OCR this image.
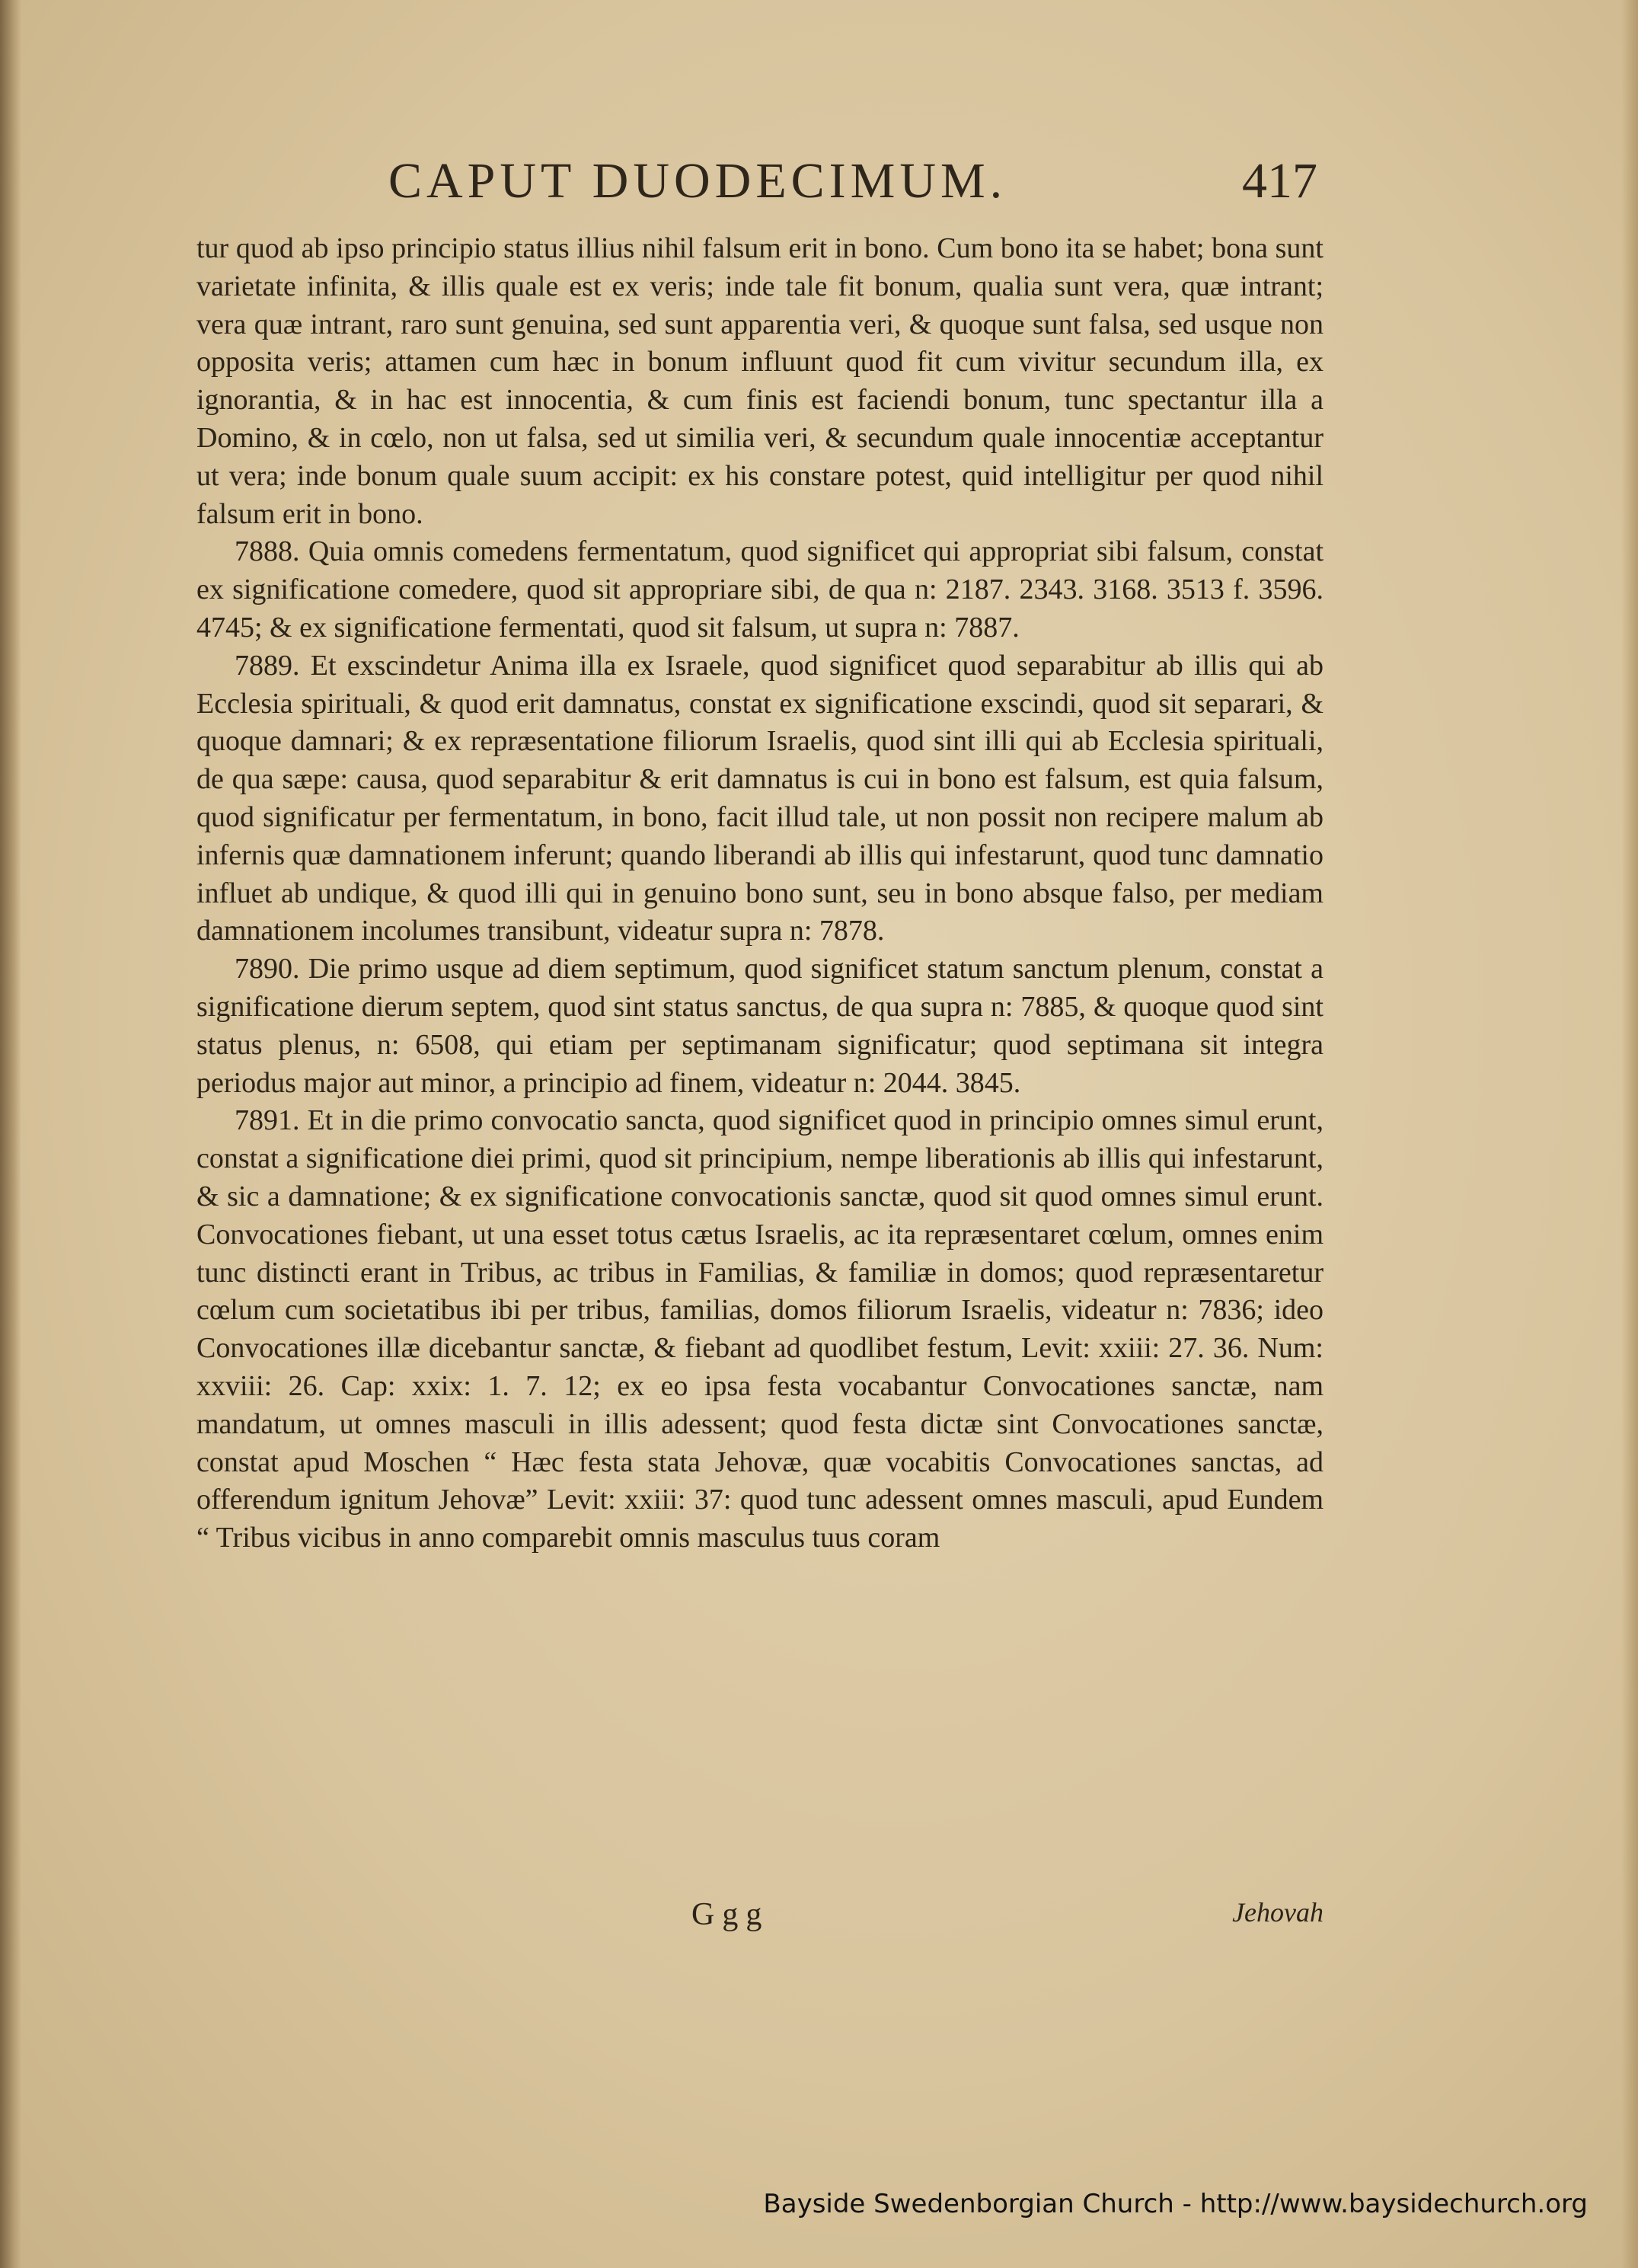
CAPUT DUODECIMUM.	417

tur quod ab ipso principio status illius nihil falsum erit in bono. Cum bono ita se habet; bona sunt varietate infinita, & illis quale est ex veris; inde tale fit bonum, qualia sunt vera, quæ intrant; vera quæ intrant, raro sunt genuina, sed sunt apparentia veri, & quoque sunt falsa, sed usque non opposita veris; attamen cum hæc in bonum influunt quod fit cum vivitur secundum illa, ex ignorantia, & in hac est innocentia, & cum finis est faciendi bonum, tunc spectantur illa a Domino, & in cœlo, non ut falsa, sed ut similia veri, & secundum quale innocentiæ acceptantur ut vera; inde bonum quale suum accipit: ex his constare potest, quid intelligitur per quod nihil falsum erit in bono.

7888. Quia omnis comedens fermentatum, quod significet qui appropriat sibi falsum, constat ex significatione comedere, quod sit appropriare sibi, de qua n: 2187. 2343. 3168. 3513 f. 3596. 4745; & ex significatione fermentati, quod sit falsum, ut supra n: 7887.

7889. Et exscindetur Anima illa ex Israele, quod significet quod separabitur ab illis qui ab Ecclesia spirituali, & quod erit damnatus, constat ex significatione exscindi, quod sit separari, & quoque damnari; & ex repræsentatione filiorum Israelis, quod sint illi qui ab Ecclesia spirituali, de qua sæpe: causa, quod separabitur & erit damnatus is cui in bono est falsum, est quia falsum, quod significatur per fermentatum, in bono, facit illud tale, ut non possit non recipere malum ab infernis quæ damnationem inferunt; quando liberandi ab illis qui infestarunt, quod tunc damnatio influet ab undique, & quod illi qui in genuino bono sunt, seu in bono absque falso, per mediam damnationem incolumes transibunt, videatur supra n: 7878.

7890. Die primo usque ad diem septimum, quod significet statum sanctum plenum, constat a significatione dierum septem, quod sint status sanctus, de qua supra n: 7885, & quoque quod sint status plenus, n: 6508, qui etiam per septimanam significatur; quod septimana sit integra periodus major aut minor, a principio ad finem, videatur n: 2044. 3845.

7891. Et in die primo convocatio sancta, quod significet quod in principio omnes simul erunt, constat a significatione diei primi, quod sit principium, nempe liberationis ab illis qui infestarunt, & sic a damnatione; & ex significatione convocationis sanctæ, quod sit quod omnes simul erunt. Convocationes fiebant, ut una esset totus cætus Israelis, ac ita repræsentaret cœlum, omnes enim tunc distincti erant in Tribus, ac tribus in Familias, & familiæ in domos; quod repræsentaretur cœlum cum societatibus ibi per tribus, familias, domos filiorum Israelis, videatur n: 7836; ideo Convocationes illæ dicebantur sanctæ, & fiebant ad quodlibet festum, Levit: xxiii: 27. 36. Num: xxviii: 26. Cap: xxix: 1. 7. 12; ex eo ipsa festa vocabantur Convocationes sanctæ, nam mandatum, ut omnes masculi in illis adessent; quod festa dictæ sint Convocationes sanctæ, constat apud Moschen “ Hæc festa stata Jehovæ, quæ vocabitis Convocationes sanctas, ad offerendum ignitum Jehovæ” Levit: xxiii: 37: quod tunc adessent omnes masculi, apud Eundem “ Tribus vicibus in anno comparebit omnis masculus tuus coram

Ggg	Jehovah
Bayside Swedenborgian Church - http://www.baysidechurch.org
